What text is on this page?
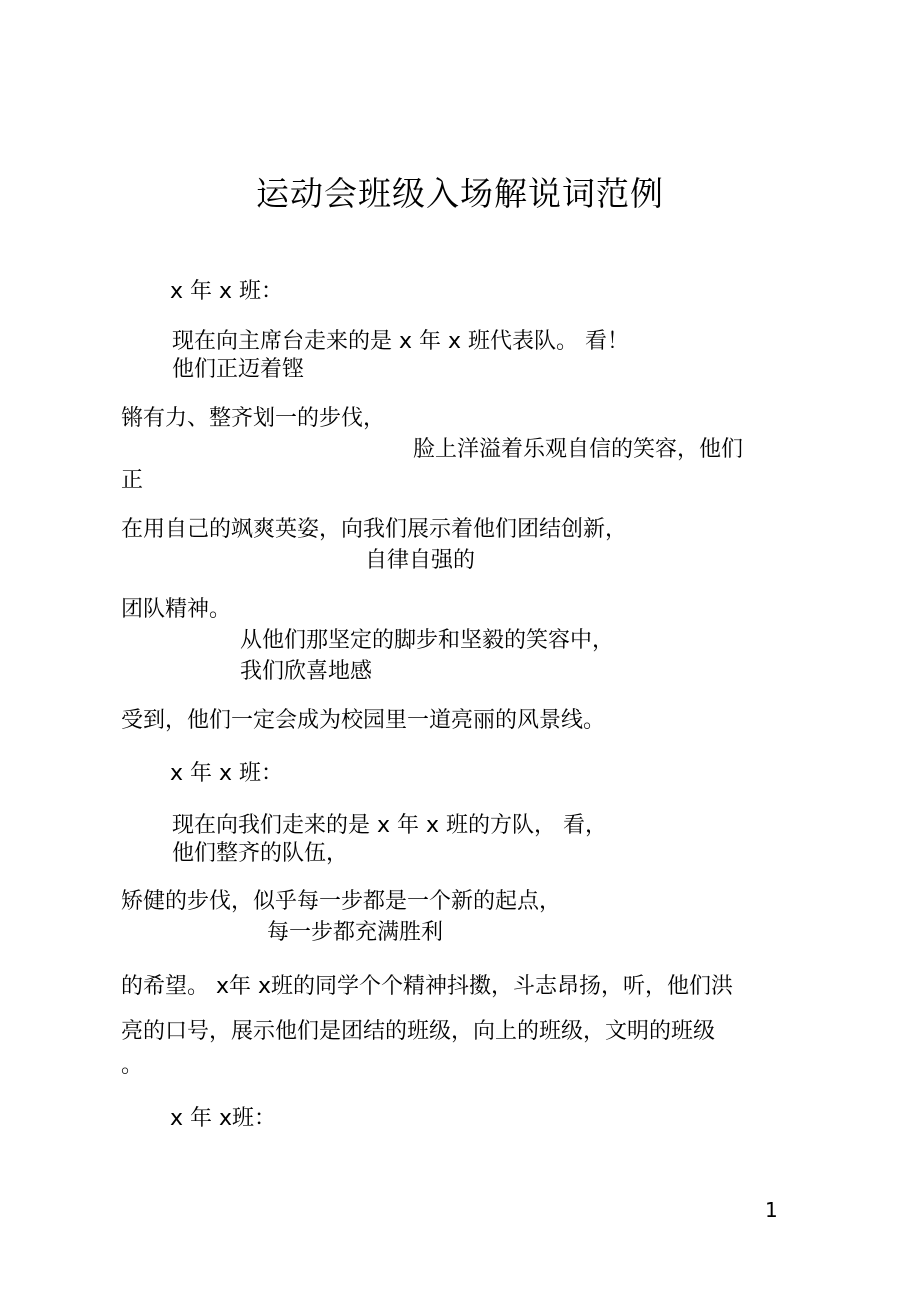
运动会班级入场解说词范例
x 年 x 班：
现在向主席台走来的是 x 年 x 班代表队。 看！
他们正迈着铿
锵有力、整齐划一的步伐，
脸上洋溢着乐观自信的笑容，他们
正
在用自己的飒爽英姿，向我们展示着他们团结创新，
自律自强的
团队精神。
从他们那坚定的脚步和坚毅的笑容中，
我们欣喜地感
受到，他们一定会成为校园里一道亮丽的风景线。
x 年 x 班：
现在向我们走来的是 x 年 x 班的方队， 看，
他们整齐的队伍，
矫健的步伐，似乎每一步都是一个新的起点，
每一步都充满胜利
的希望。 x年 x班的同学个个精神抖擞，斗志昂扬，听，他们洪
亮的口号，展示他们是团结的班级，向上的班级，文明的班级
。
x 年 x班：
1
